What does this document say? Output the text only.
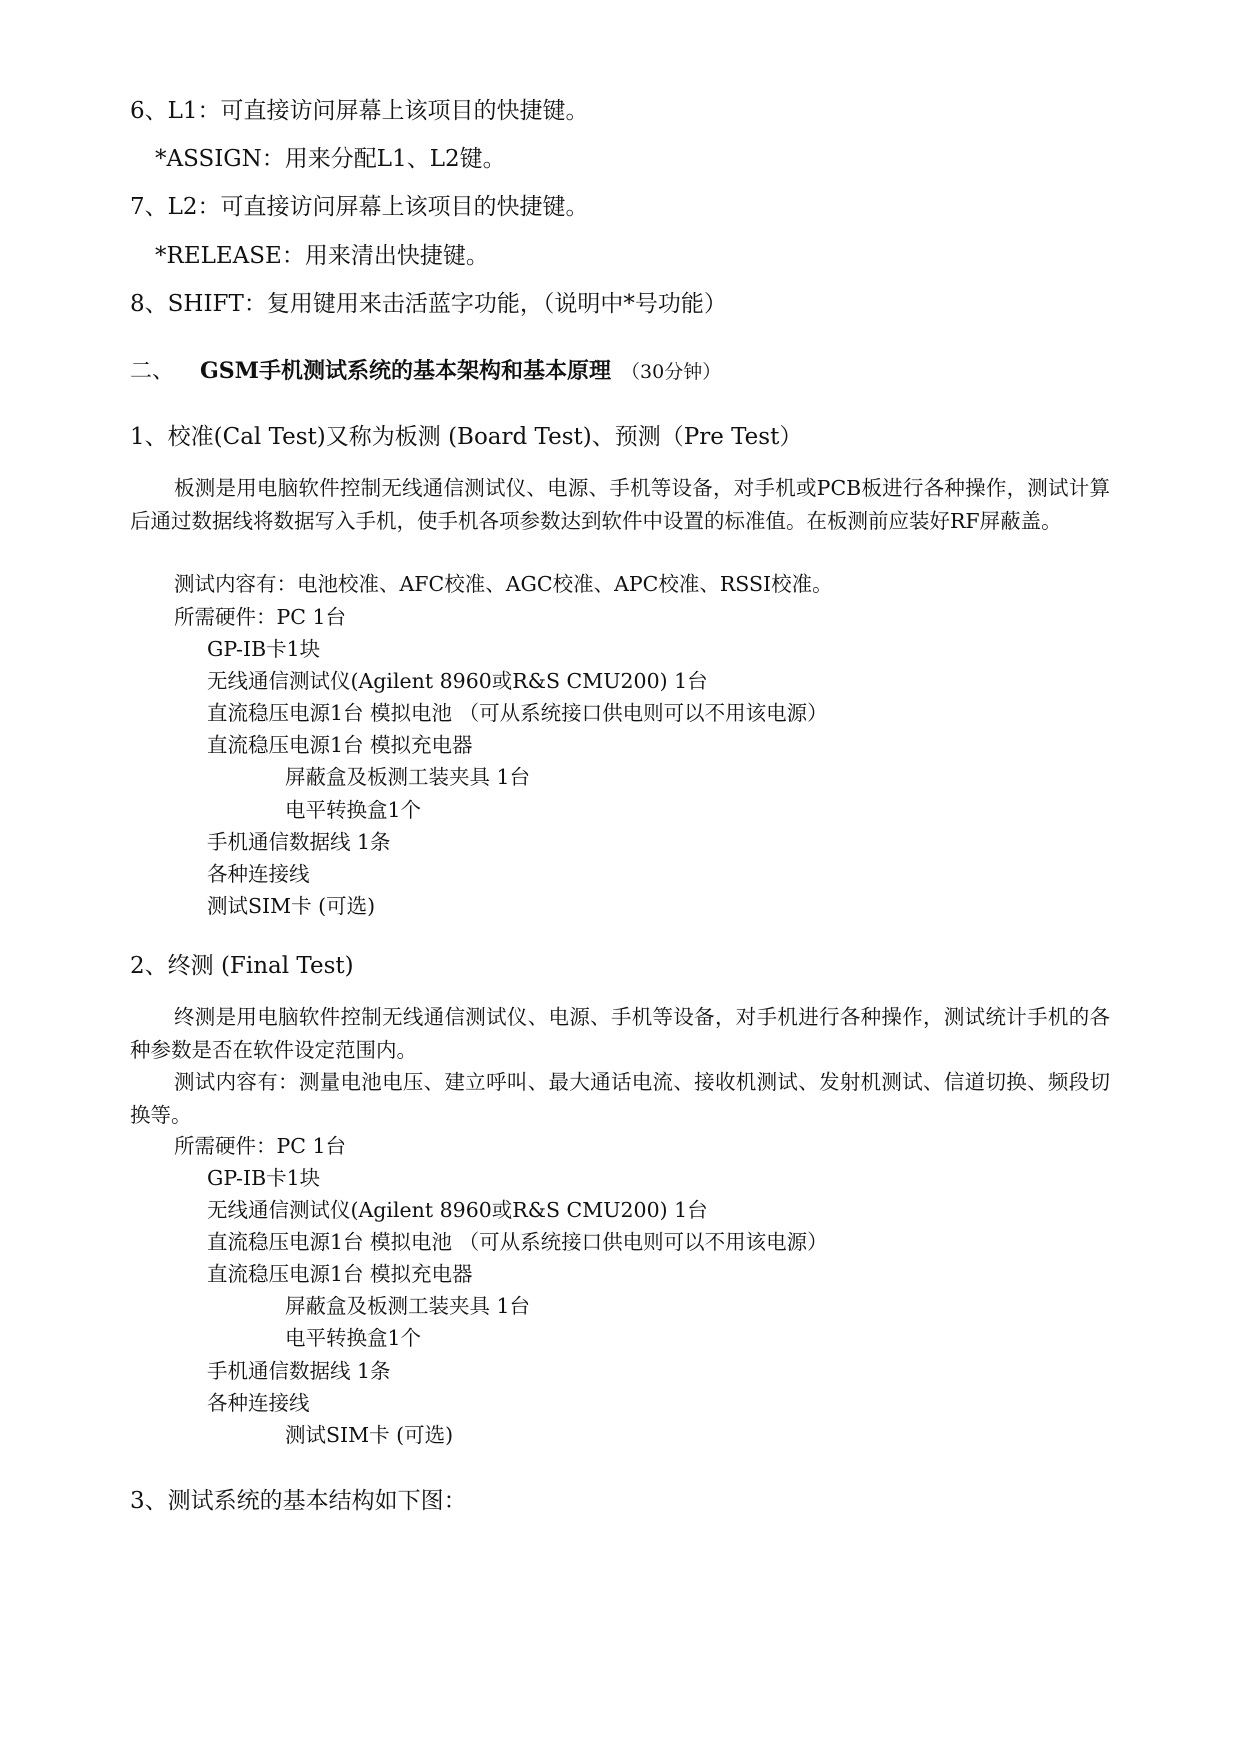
6、L1：可直接访问屏幕上该项目的快捷键。
*ASSIGN：用来分配L1、L2键。
7、L2：可直接访问屏幕上该项目的快捷键。
*RELEASE：用来清出快捷键。
8、SHIFT：复用键用来击活蓝字功能，（说明中*号功能）
二、 GSM手机测试系统的基本架构和基本原理 （30分钟）
1、校准(Cal Test)又称为板测 (Board Test)、预测（Pre Test）
板测是用电脑软件控制无线通信测试仪、电源、手机等设备，对手机或PCB板进行各种操作，测试计算后通过数据线将数据写入手机，使手机各项参数达到软件中设置的标准值。在板测前应装好RF屏蔽盖。
测试内容有：电池校准、AFC校准、AGC校准、APC校准、RSSI校准。
所需硬件：PC 1台
GP-IB卡1块
无线通信测试仪(Agilent 8960或R&S CMU200) 1台
直流稳压电源1台 模拟电池 （可从系统接口供电则可以不用该电源）
直流稳压电源1台 模拟充电器
屏蔽盒及板测工装夹具 1台
电平转换盒1个
手机通信数据线 1条
各种连接线
测试SIM卡 (可选)
2、终测 (Final Test)
终测是用电脑软件控制无线通信测试仪、电源、手机等设备，对手机进行各种操作，测试统计手机的各种参数是否在软件设定范围内。
测试内容有：测量电池电压、建立呼叫、最大通话电流、接收机测试、发射机测试、信道切换、频段切换等。
所需硬件：PC 1台
GP-IB卡1块
无线通信测试仪(Agilent 8960或R&S CMU200) 1台
直流稳压电源1台 模拟电池 （可从系统接口供电则可以不用该电源）
直流稳压电源1台 模拟充电器
屏蔽盒及板测工装夹具 1台
电平转换盒1个
手机通信数据线 1条
各种连接线
测试SIM卡 (可选)
3、测试系统的基本结构如下图：
